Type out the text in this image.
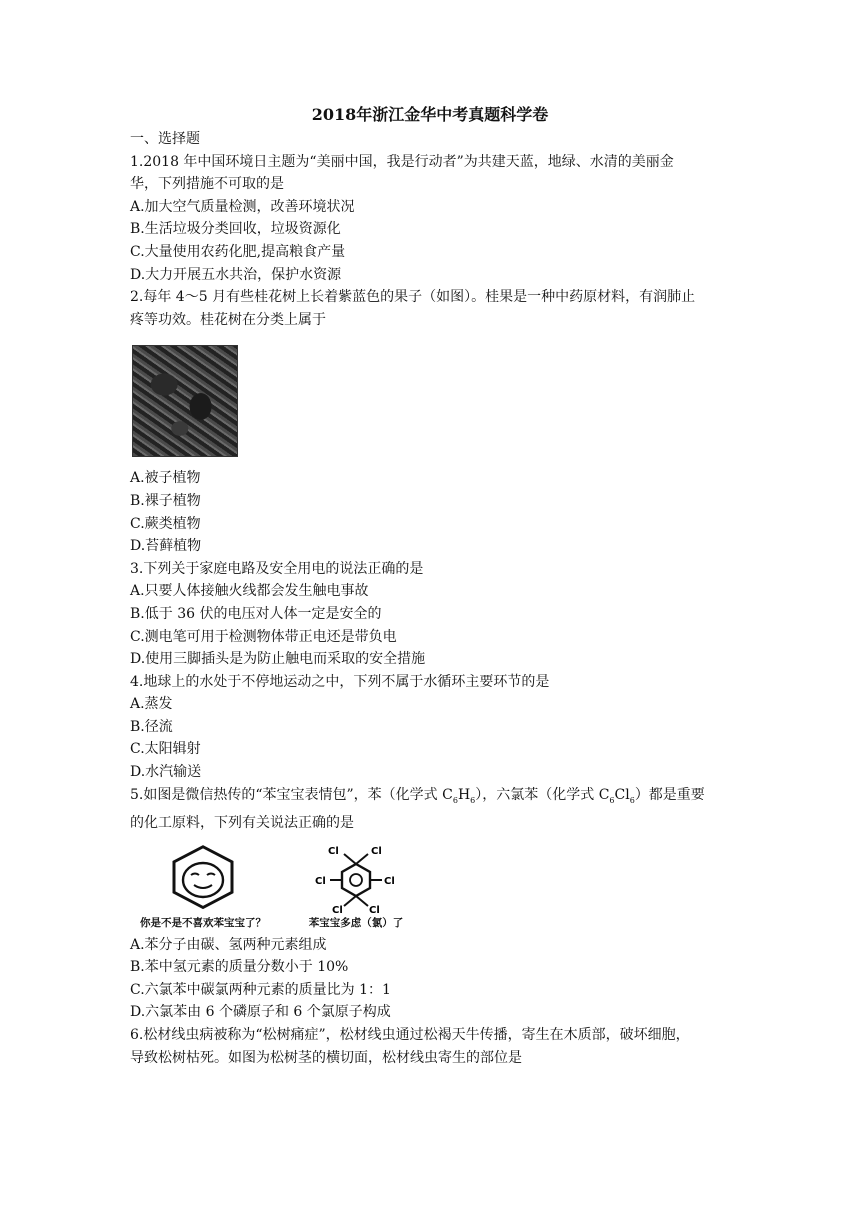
2018年浙江金华中考真题科学卷
一、选择题
1.2018 年中国环境日主题为“美丽中国，我是行动者”为共建天蓝，地绿、水清的美丽金
华，下列措施不可取的是
A.加大空气质量检测，改善环境状况
B.生活垃圾分类回收，垃圾资源化
C.大量使用农药化肥,提高粮食产量
D.大力开展五水共治，保护水资源
2.每年 4～5 月有些桂花树上长着紫蓝色的果子（如图）。桂果是一种中药原材料，有润肺止
疼等功效。桂花树在分类上属于
A.被子植物
B.裸子植物
C.蕨类植物
D.苔藓植物
3.下列关于家庭电路及安全用电的说法正确的是
A.只要人体接触火线都会发生触电事故
B.低于 36 伏的电压对人体一定是安全的
C.测电笔可用于检测物体带正电还是带负电
D.使用三脚插头是为防止触电而采取的安全措施
4.地球上的水处于不停地运动之中，下列不属于水循环主要环节的是
A.蒸发
B.径流
C.太阳辑射
D.水汽输送
5.如图是微信热传的“苯宝宝表情包”，苯（化学式 $C_6H_6$），六氯苯（化学式 $C_6Cl_6$）都是重要
的化工原料，下列有关说法正确的是
你是不是不喜欢苯宝宝了？
Cl	Cl
Cl	Cl
Cl	Cl
苯宝宝多虑（氯）了
A.苯分子由碳、氢两种元素组成
B.苯中氢元素的质量分数小于 10%
C.六氯苯中碳氯两种元素的质量比为 1：1
D.六氯苯由 6 个磷原子和 6 个氯原子构成
6.松材线虫病被称为“松树痛症”，松材线虫通过松褐天牛传播，寄生在木质部，破坏细胞，
导致松树枯死。如图为松树茎的横切面，松材线虫寄生的部位是
